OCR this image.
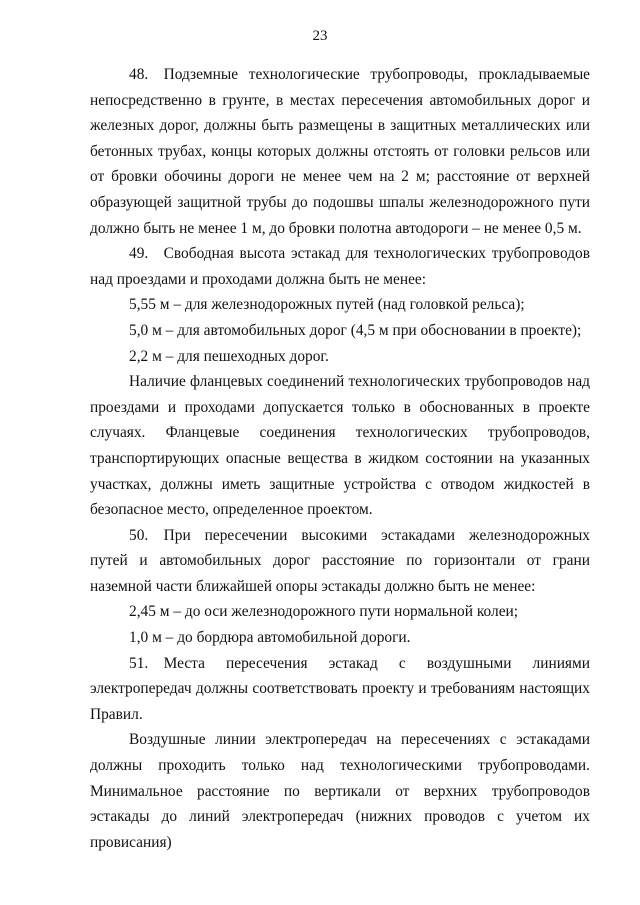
23

48. Подземные технологические трубопроводы, прокладываемые непосредственно в грунте, в местах пересечения автомобильных дорог и железных дорог, должны быть размещены в защитных металлических или бетонных трубах, концы которых должны отстоять от головки рельсов или от бровки обочины дороги не менее чем на 2 м; расстояние от верхней образующей защитной трубы до подошвы шпалы железнодорожного пути должно быть не менее 1 м, до бровки полотна автодороги – не менее 0,5 м.

49. Свободная высота эстакад для технологических трубопроводов над проездами и проходами должна быть не менее:

5,55 м – для железнодорожных путей (над головкой рельса);

5,0 м – для автомобильных дорог (4,5 м при обосновании в проекте);

2,2 м – для пешеходных дорог.

Наличие фланцевых соединений технологических трубопроводов над проездами и проходами допускается только в обоснованных в проекте случаях. Фланцевые соединения технологических трубопроводов, транспортирующих опасные вещества в жидком состоянии на указанных участках, должны иметь защитные устройства с отводом жидкостей в безопасное место, определенное проектом.

50. При пересечении высокими эстакадами железнодорожных путей и автомобильных дорог расстояние по горизонтали от грани наземной части ближайшей опоры эстакады должно быть не менее:

2,45 м – до оси железнодорожного пути нормальной колеи;

1,0 м – до бордюра автомобильной дороги.

51. Места пересечения эстакад с воздушными линиями электропередач должны соответствовать проекту и требованиям настоящих Правил.

Воздушные линии электропередач на пересечениях с эстакадами должны проходить только над технологическими трубопроводами. Минимальное расстояние по вертикали от верхних трубопроводов эстакады до линий электропередач (нижних проводов с учетом их провисания)
